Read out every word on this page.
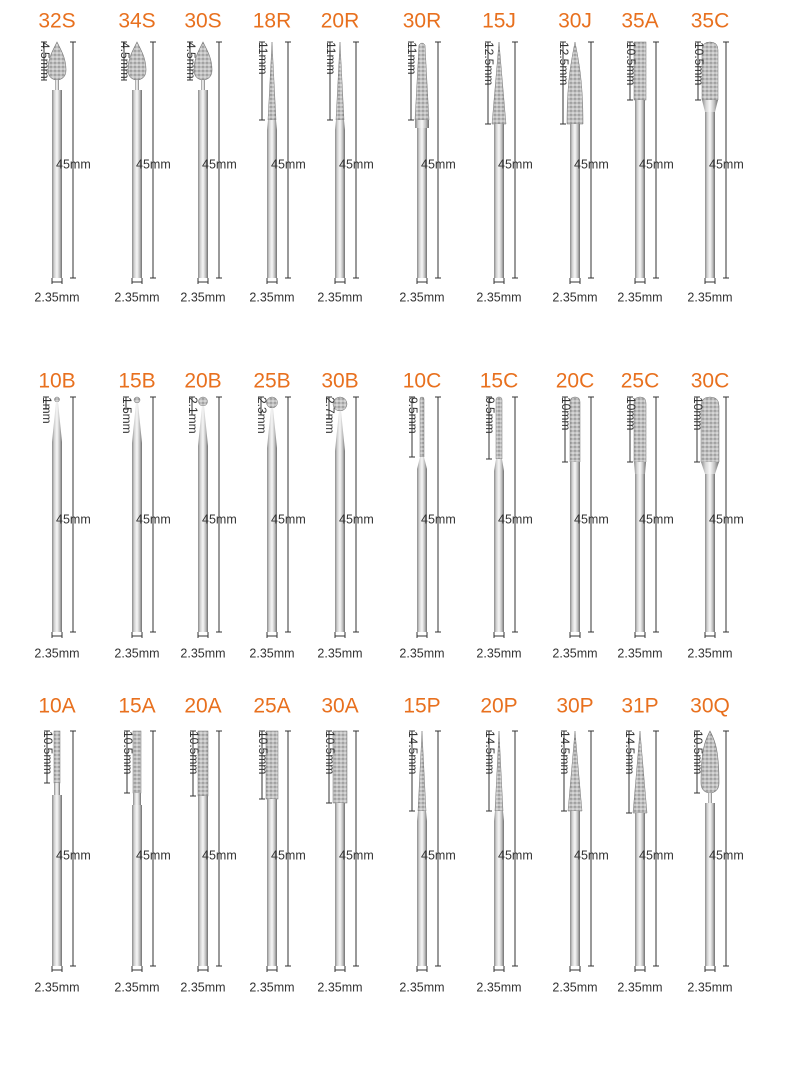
32S
4.5mm
45mm
2.35mm
34S
4.5mm
45mm
2.35mm
30S
4.5mm
45mm
2.35mm
18R
11mm
45mm
2.35mm
20R
11mm
45mm
2.35mm
30R
11mm
45mm
2.35mm
15J
12.5mm
45mm
2.35mm
30J
12.5mm
45mm
2.35mm
35A
10.5mm
45mm
2.35mm
35C
10.5mm
45mm
2.35mm
10B
1mm
45mm
2.35mm
15B
1.5mm
45mm
2.35mm
20B
2.1mm
45mm
2.35mm
25B
2.3mm
45mm
2.35mm
30B
2.7mm
45mm
2.35mm
10C
9.5mm
45mm
2.35mm
15C
9.5mm
45mm
2.35mm
20C
10mm
45mm
2.35mm
25C
10mm
45mm
2.35mm
30C
10mm
45mm
2.35mm
10A
10.5mm
45mm
2.35mm
15A
10.5mm
45mm
2.35mm
20A
10.5mm
45mm
2.35mm
25A
10.5mm
45mm
2.35mm
30A
10.5mm
45mm
2.35mm
15P
14.5mm
45mm
2.35mm
20P
14.5mm
45mm
2.35mm
30P
14.5mm
45mm
2.35mm
31P
14.5mm
45mm
2.35mm
30Q
10.5mm
45mm
2.35mm
